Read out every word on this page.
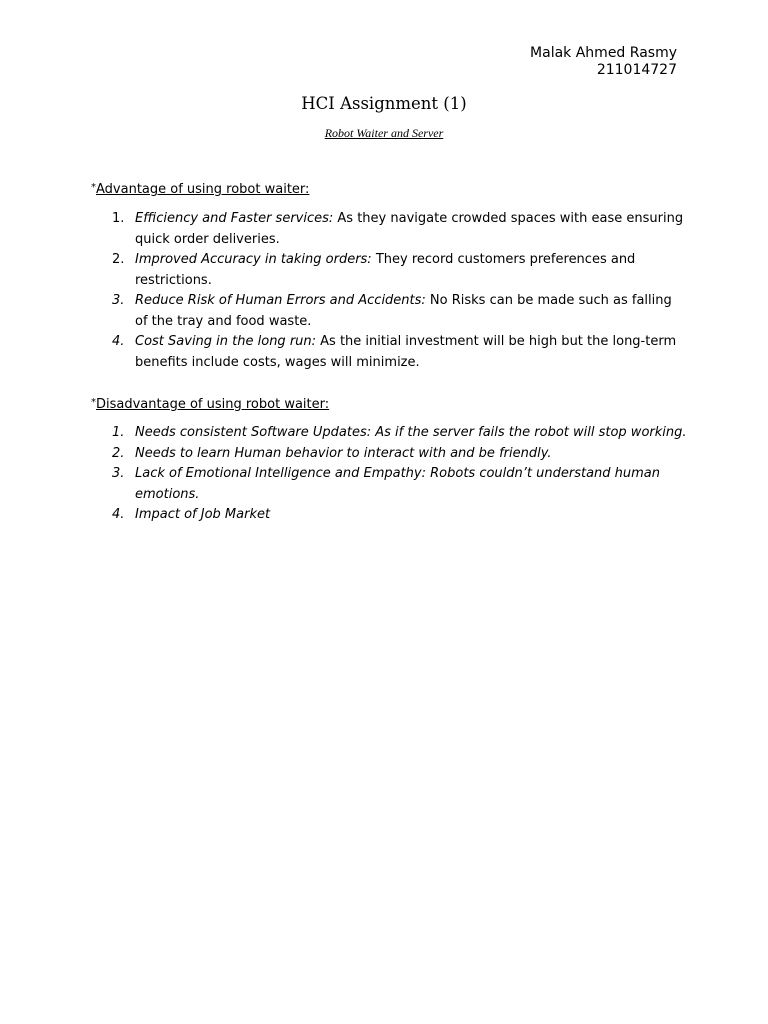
Malak Ahmed Rasmy
211014727
HCI Assignment (1)
Robot Waiter and Server
*Advantage of using robot waiter:
1. Efficiency and Faster services: As they navigate crowded spaces with ease ensuring quick order deliveries.
2. Improved Accuracy in taking orders: They record customers preferences and restrictions.
3. Reduce Risk of Human Errors and Accidents: No Risks can be made such as falling of the tray and food waste.
4. Cost Saving in the long run: As the initial investment will be high but the long-term benefits include costs, wages will minimize.
*Disadvantage of using robot waiter:
1. Needs consistent Software Updates: As if the server fails the robot will stop working.
2. Needs to learn Human behavior to interact with and be friendly.
3. Lack of Emotional Intelligence and Empathy: Robots couldn’t understand human emotions.
4. Impact of Job Market
